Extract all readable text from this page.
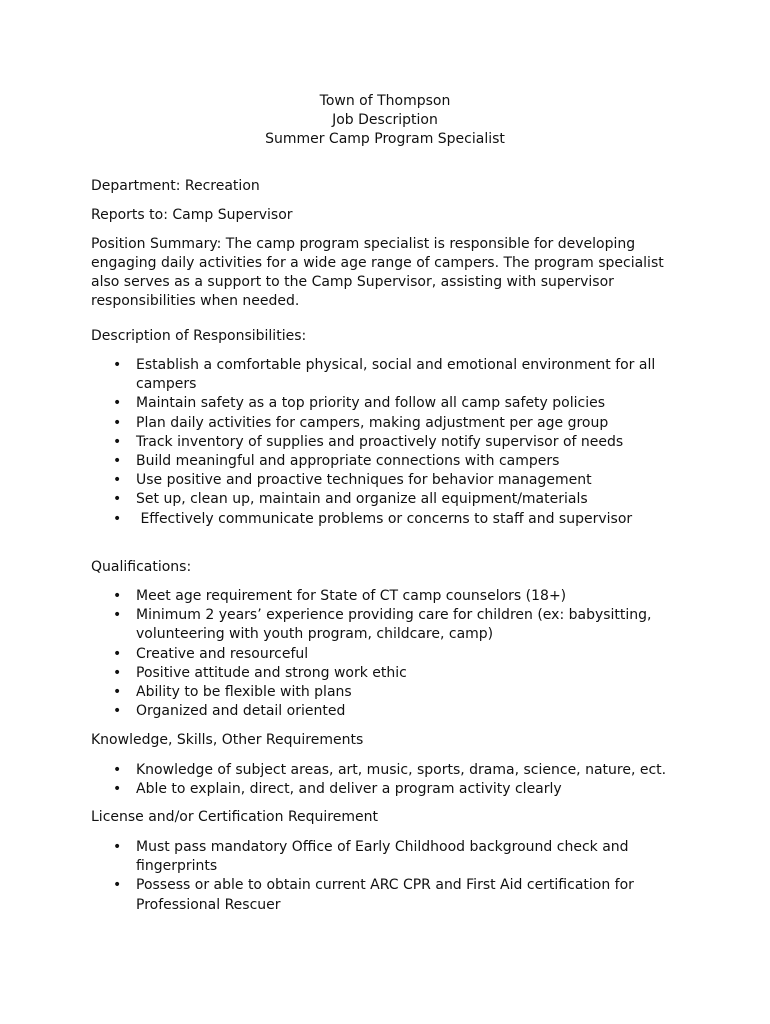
Town of Thompson
Job Description
Summer Camp Program Specialist

Department: Recreation

Reports to: Camp Supervisor

Position Summary: The camp program specialist is responsible for developing engaging daily activities for a wide age range of campers. The program specialist also serves as a support to the Camp Supervisor, assisting with supervisor responsibilities when needed.

Description of Responsibilities:

• Establish a comfortable physical, social and emotional environment for all campers
• Maintain safety as a top priority and follow all camp safety policies
• Plan daily activities for campers, making adjustment per age group
• Track inventory of supplies and proactively notify supervisor of needs
• Build meaningful and appropriate connections with campers
• Use positive and proactive techniques for behavior management
• Set up, clean up, maintain and organize all equipment/materials
•  Effectively communicate problems or concerns to staff and supervisor

Qualifications:

• Meet age requirement for State of CT camp counselors (18+)
• Minimum 2 years’ experience providing care for children (ex: babysitting, volunteering with youth program, childcare, camp)
• Creative and resourceful
• Positive attitude and strong work ethic
• Ability to be flexible with plans
• Organized and detail oriented

Knowledge, Skills, Other Requirements

• Knowledge of subject areas, art, music, sports, drama, science, nature, ect.
• Able to explain, direct, and deliver a program activity clearly

License and/or Certification Requirement

• Must pass mandatory Office of Early Childhood background check and fingerprints
• Possess or able to obtain current ARC CPR and First Aid certification for Professional Rescuer
